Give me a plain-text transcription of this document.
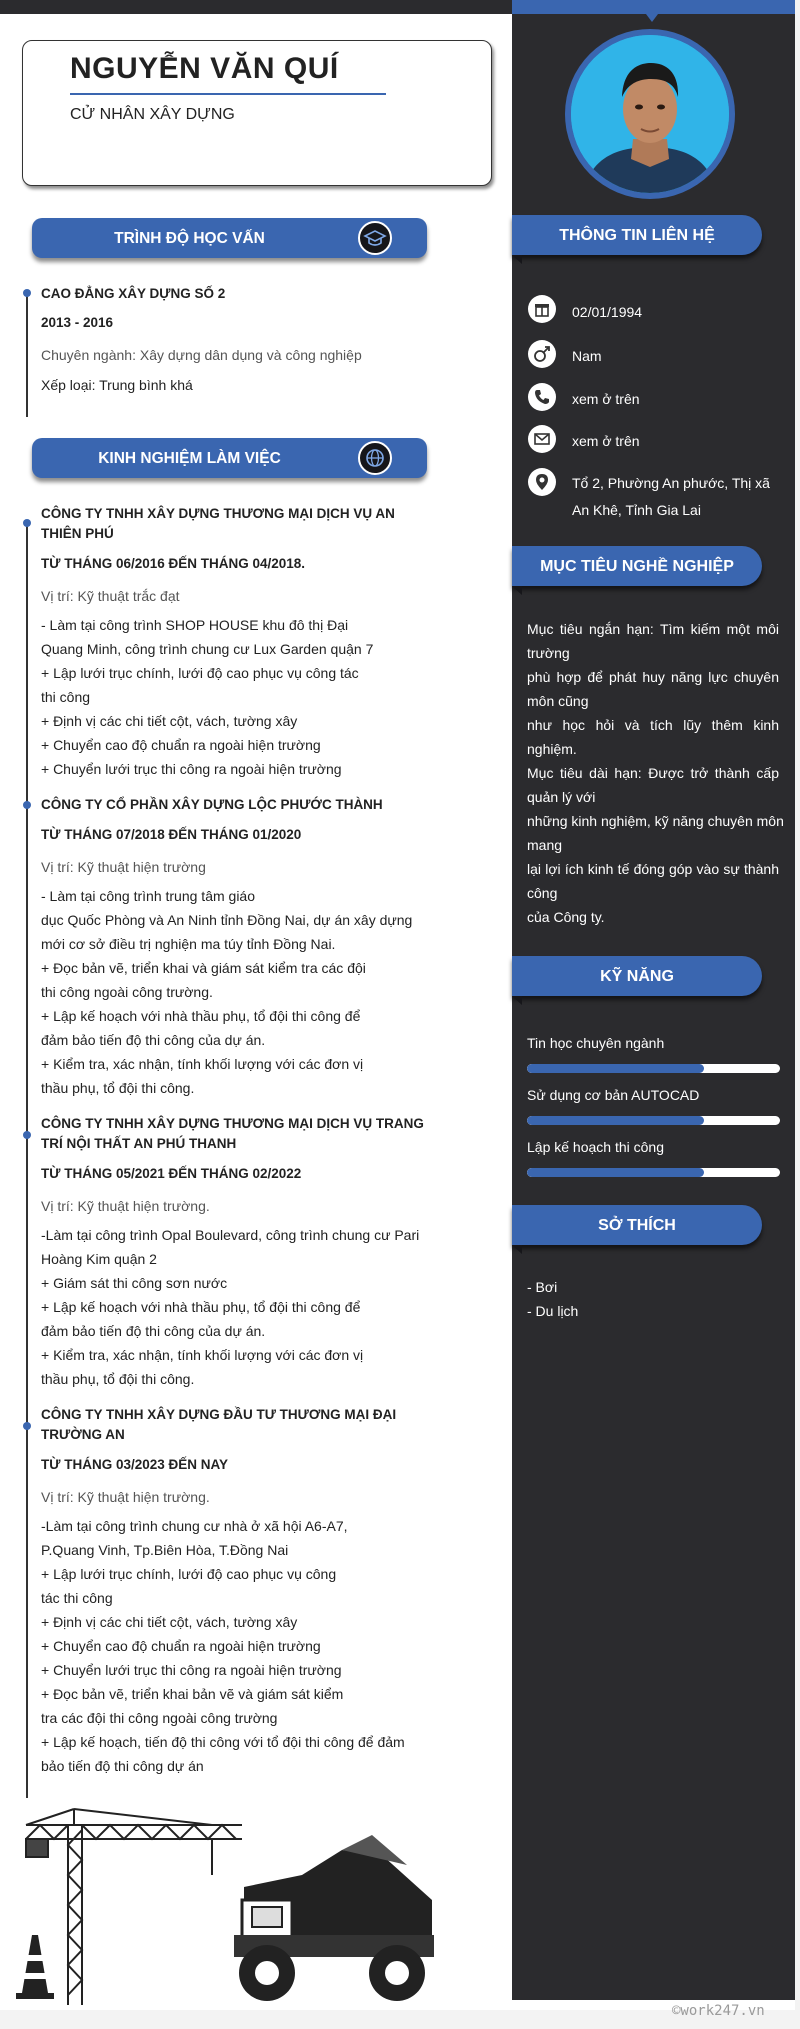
NGUYỄN VĂN QUÍ
CỬ NHÂN XÂY DỰNG
TRÌNH ĐỘ HỌC VẤN
CAO ĐẲNG XÂY DỰNG SỐ 2
2013 - 2016
Chuyên ngành: Xây dựng dân dụng và công nghiệp
Xếp loại: Trung bình khá
KINH NGHIỆM LÀM VIỆC
CÔNG TY TNHH XÂY DỰNG THƯƠNG MẠI DỊCH VỤ AN
THIÊN PHÚ
TỪ THÁNG 06/2016 ĐẾN THÁNG 04/2018.
Vị trí: Kỹ thuật trắc đạt
- Làm tại công trình SHOP HOUSE khu đô thị Đại
Quang Minh, công trình chung cư Lux Garden quận 7
+ Lập lưới trục chính, lưới độ cao phục vụ công tác
thi công
+ Định vị các chi tiết cột, vách, tường xây
+ Chuyển cao độ chuẩn ra ngoài hiện trường
+ Chuyển lưới trục thi công ra ngoài hiện trường
CÔNG TY CỔ PHẦN XÂY DỰNG LỘC PHƯỚC THÀNH
TỪ THÁNG 07/2018 ĐẾN THÁNG 01/2020
Vị trí: Kỹ thuật hiện trường
- Làm tại công trình trung tâm giáo
dục Quốc Phòng và An Ninh tỉnh Đồng Nai, dự án xây dựng
mới cơ sở điều trị nghiện ma túy tỉnh Đồng Nai.
+ Đọc bản vẽ, triển khai và giám sát kiểm tra các đội
thi công ngoài công trường.
+ Lập kế hoạch với nhà thầu phụ, tổ đội thi công để
đảm bảo tiến độ thi công của dự án.
+ Kiểm tra, xác nhận, tính khối lượng với các đơn vị
thầu phụ, tổ đội thi công.
CÔNG TY TNHH XÂY DỰNG THƯƠNG MẠI DỊCH VỤ TRANG
TRÍ NỘI THẤT AN PHÚ THANH
TỪ THÁNG 05/2021 ĐẾN THÁNG 02/2022
Vị trí: Kỹ thuật hiện trường.
-Làm tại công trình Opal Boulevard, công trình chung cư Pari
Hoàng Kim quận 2
+ Giám sát thi công sơn nước
+ Lập kế hoạch với nhà thầu phụ, tổ đội thi công để
đảm bảo tiến độ thi công của dự án.
+ Kiểm tra, xác nhận, tính khối lượng với các đơn vị
thầu phụ, tổ đội thi công.
CÔNG TY TNHH XÂY DỰNG ĐẦU TƯ THƯƠNG MẠI ĐẠI
TRƯỜNG AN
TỪ THÁNG 03/2023 ĐẾN NAY
Vị trí: Kỹ thuật hiện trường.
-Làm tại công trình chung cư nhà ở xã hội A6-A7,
P.Quang Vinh, Tp.Biên Hòa, T.Đồng Nai
+ Lập lưới trục chính, lưới độ cao phục vụ công
tác thi công
+ Định vị các chi tiết cột, vách, tường xây
+ Chuyển cao độ chuẩn ra ngoài hiện trường
+ Chuyển lưới trục thi công ra ngoài hiện trường
+ Đọc bản vẽ, triển khai bản vẽ và giám sát kiểm
tra các đội thi công ngoài công trường
+ Lập kế hoạch, tiến độ thi công với tổ đội thi công để đảm
bảo tiến độ thi công dự án
THÔNG TIN LIÊN HỆ
02/01/1994
Nam
xem ở trên
xem ở trên
Tổ 2, Phường An phước, Thị xã
An Khê, Tỉnh Gia Lai
MỤC TIÊU NGHỀ NGHIỆP
Mục tiêu ngắn hạn: Tìm kiếm một môi
trường
phù hợp để phát huy năng lực chuyên
môn cũng
như học hỏi và tích lũy thêm kinh
nghiệm.
Mục tiêu dài hạn: Được trở thành cấp
quản lý với
những kinh nghiệm, kỹ năng chuyên môn
mang
lại lợi ích kinh tế đóng góp vào sự thành
công
của Công ty.
KỸ NĂNG
Tin học chuyên ngành
Sử dụng cơ bản AUTOCAD
Lập kế hoạch thi công
SỞ THÍCH
- Bơi
- Du lịch
©work247.vn
